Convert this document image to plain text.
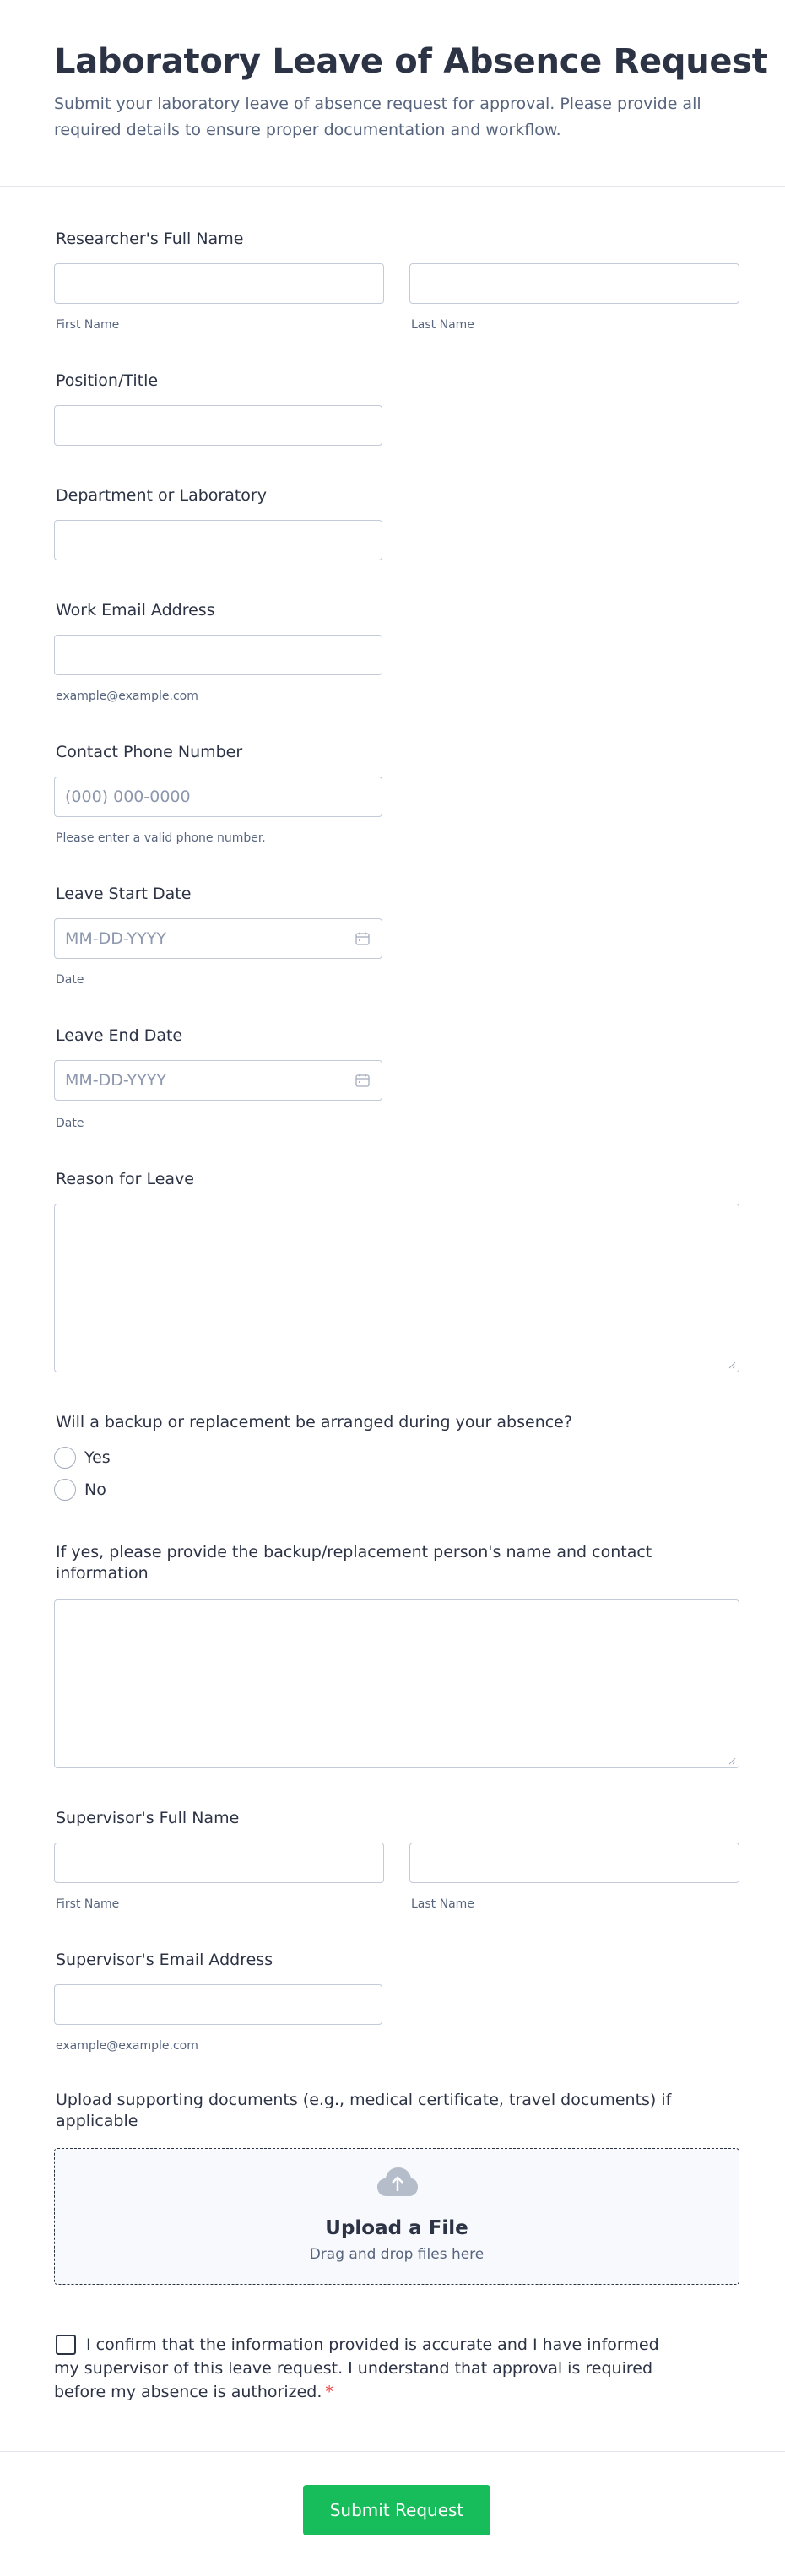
Laboratory Leave of Absence Request

Submit your laboratory leave of absence request for approval. Please provide all required details to ensure proper documentation and workflow.

Researcher's Full Name
First Name	Last Name
Position/Title
Department or Laboratory
Work Email Address
example@example.com
Contact Phone Number
(000) 000-0000
Please enter a valid phone number.
Leave Start Date
MM-DD-YYYY
Date
Leave End Date
MM-DD-YYYY
Date
Reason for Leave
Will a backup or replacement be arranged during your absence?
Yes
No
If yes, please provide the backup/replacement person's name and contact information
Supervisor's Full Name
First Name	Last Name
Supervisor's Email Address
example@example.com
Upload supporting documents (e.g., medical certificate, travel documents) if applicable
Upload a File
Drag and drop files here
I confirm that the information provided is accurate and I have informed my supervisor of this leave request. I understand that approval is required before my absence is authorized. *
Submit Request
